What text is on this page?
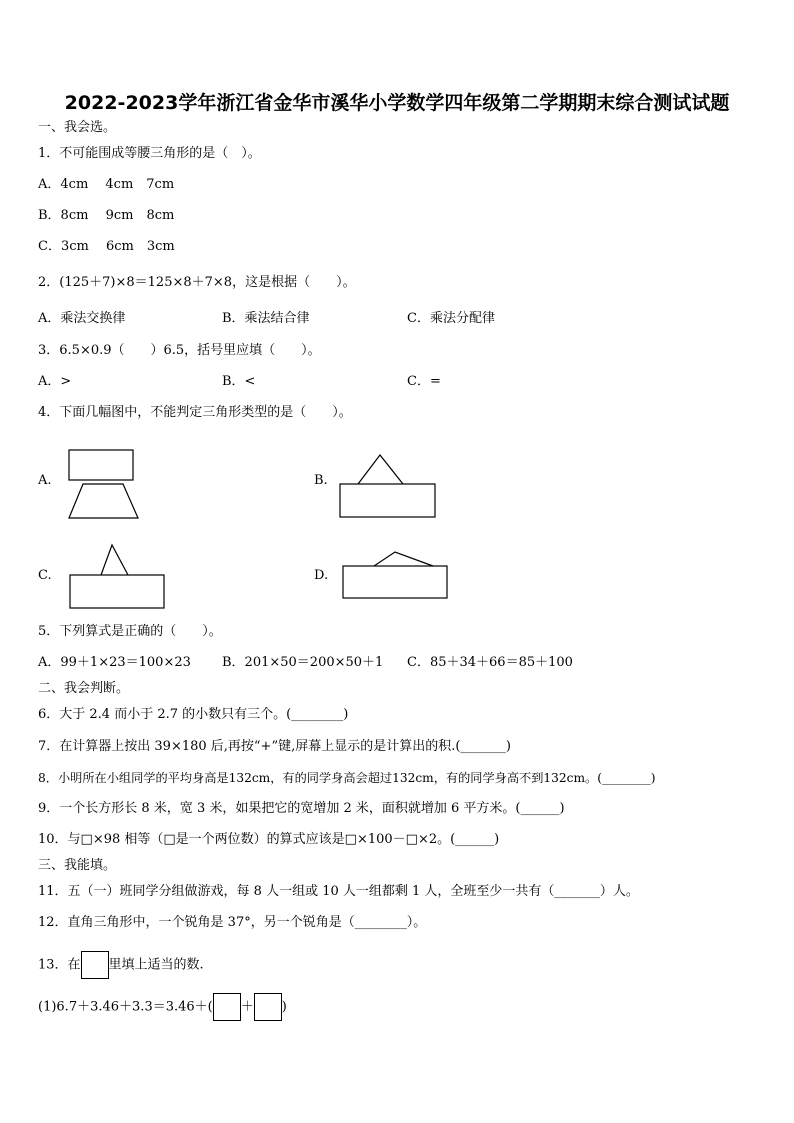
2022-2023学年浙江省金华市溪华小学数学四年级第二学期期末综合测试试题
一、我会选。
1．不可能围成等腰三角形的是（　）。
A．4cm　 4cm　7cm
B．8cm　 9cm　8cm
C．3cm　 6cm　3cm
2．(125＋7)×8＝125×8＋7×8，这是根据（　　）。
A．乘法交换律	B．乘法结合律	C．乘法分配律
3．6.5×0.9（　　）6.5，括号里应填（　　）。
A．>	B．<	C．=
4．下面几幅图中，不能判定三角形类型的是（　　）。
A.	B.
C.	D.
5．下列算式是正确的（　　）。
A．99＋1×23＝100×23 B．201×50＝200×50＋1 C．85＋34＋66＝85＋100
二、我会判断。
6．大于 2.4 而小于 2.7 的小数只有三个。(________)
7．在计算器上按出 39×180 后,再按“+”键,屏幕上显示的是计算出的积.(_______)
8．小明所在小组同学的平均身高是132cm，有的同学身高会超过132cm，有的同学身高不到132cm。(________)
9．一个长方形长 8 米，宽 3 米，如果把它的宽增加 2 米，面积就增加 6 平方米。(______)
10．与□×98 相等（□是一个两位数）的算式应该是□×100－□×2。(______)
三、我能填。
11．五（一）班同学分组做游戏，每 8 人一组或 10 人一组都剩 1 人，全班至少一共有（_______）人。
12．直角三角形中，一个锐角是 37°，另一个锐角是（________）。
13．在 里填上适当的数.
(1)6.7＋3.46＋3.3＝3.46＋( ＋ )
